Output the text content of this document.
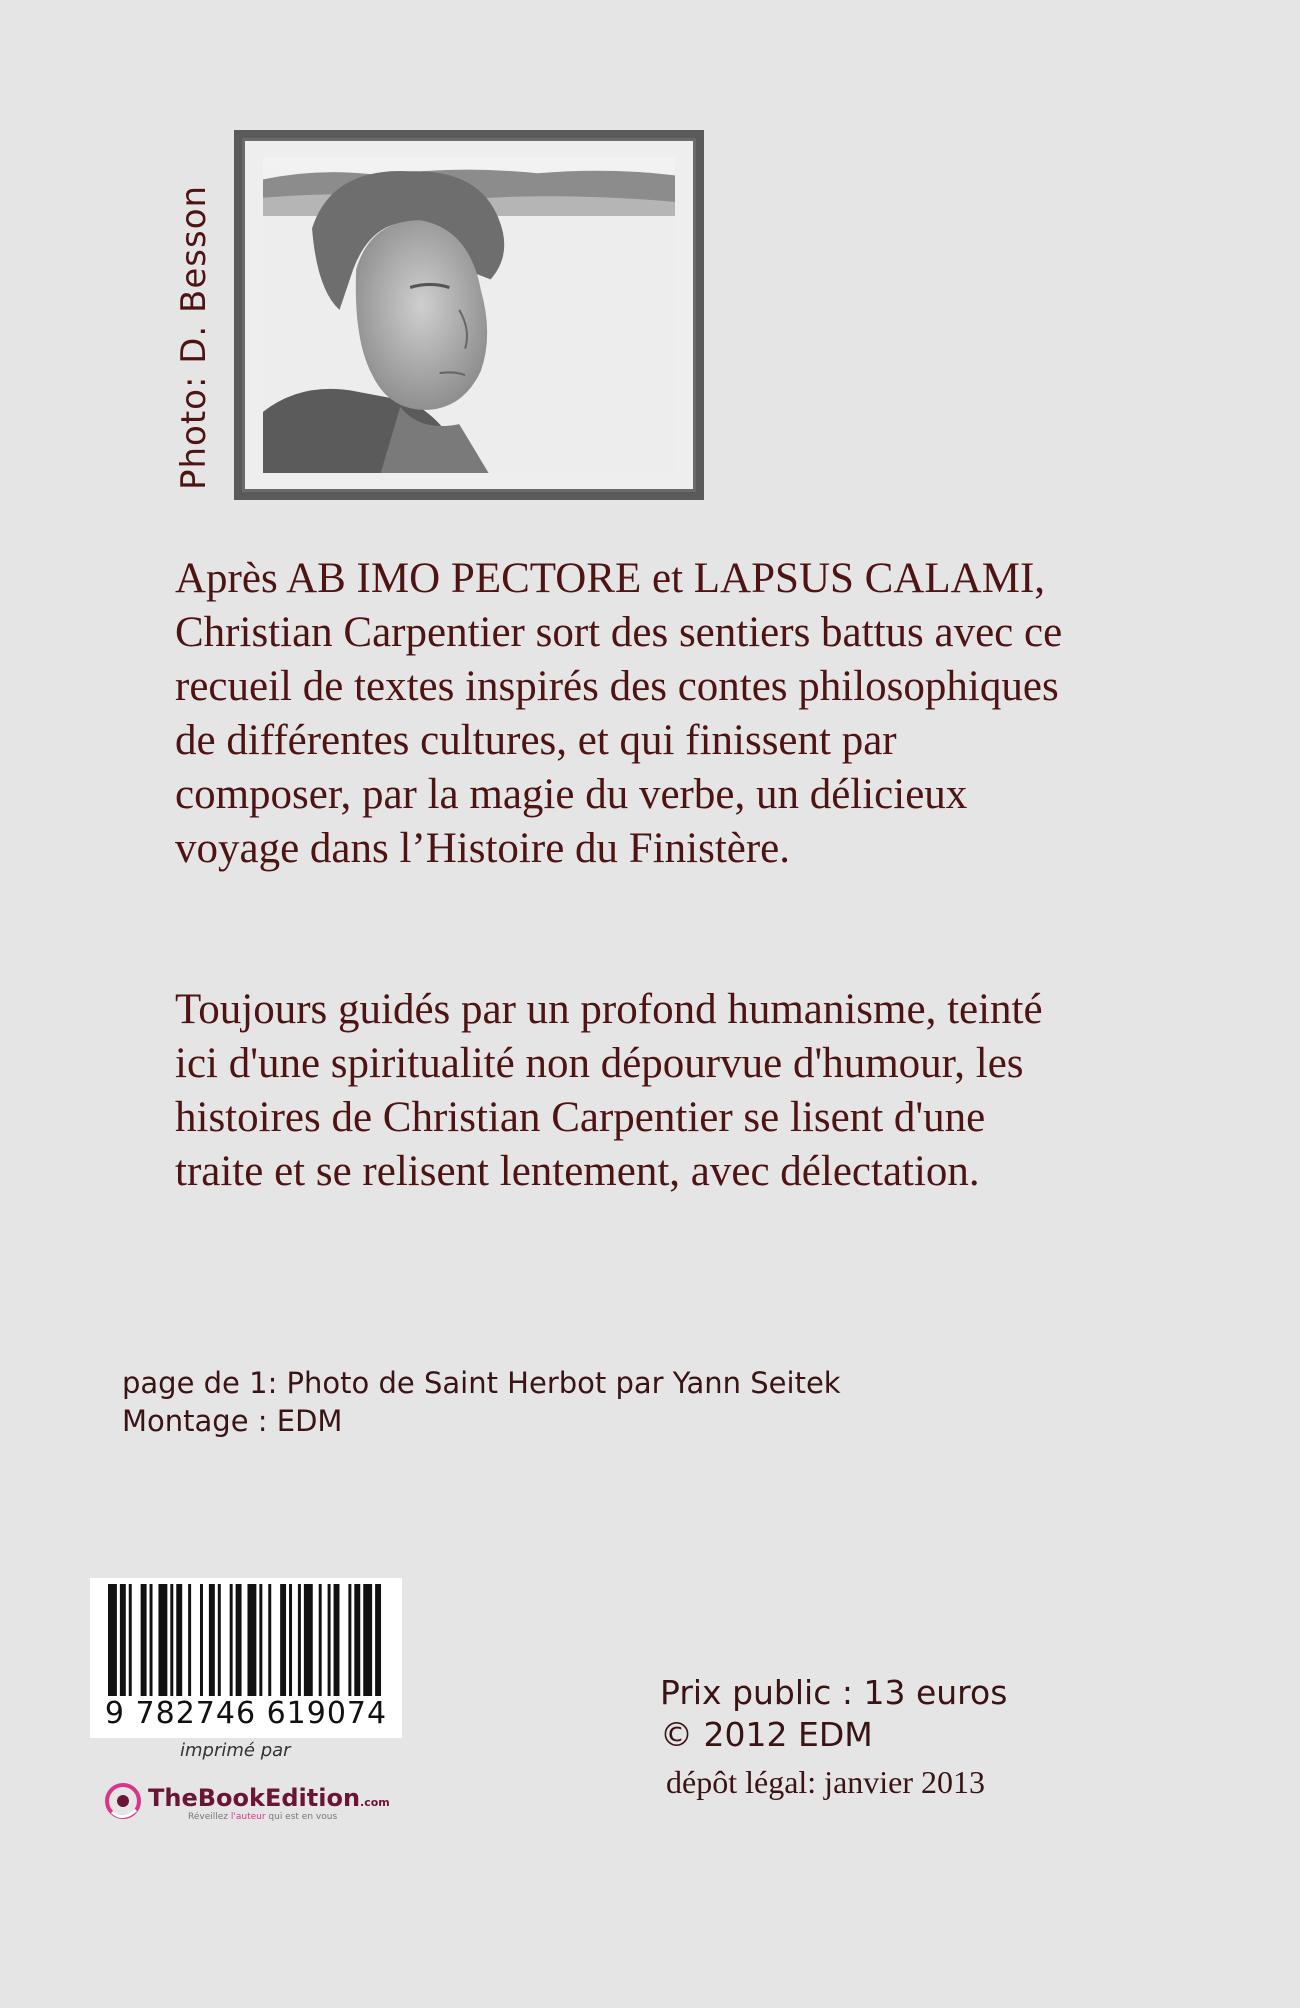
Photo: D. Besson

Après AB IMO PECTORE et LAPSUS CALAMI, Christian Carpentier sort des sentiers battus avec ce recueil de textes inspirés des contes philosophiques de différentes cultures, et qui finissent par composer, par la magie du verbe, un délicieux voyage dans l’Histoire du Finistère.

Toujours guidés par un profond humanisme, teinté ici d'une spiritualité non dépourvue d'humour, les histoires de Christian Carpentier se lisent d'une traite et se relisent lentement, avec délectation.

page de 1: Photo de Saint Herbot par Yann Seitek
Montage : EDM
9 782746 619074
imprimé par
TheBookEdition.com
Réveillez l'auteur qui est en vous
Prix public : 13 euros
© 2012 EDM
dépôt légal: janvier 2013
